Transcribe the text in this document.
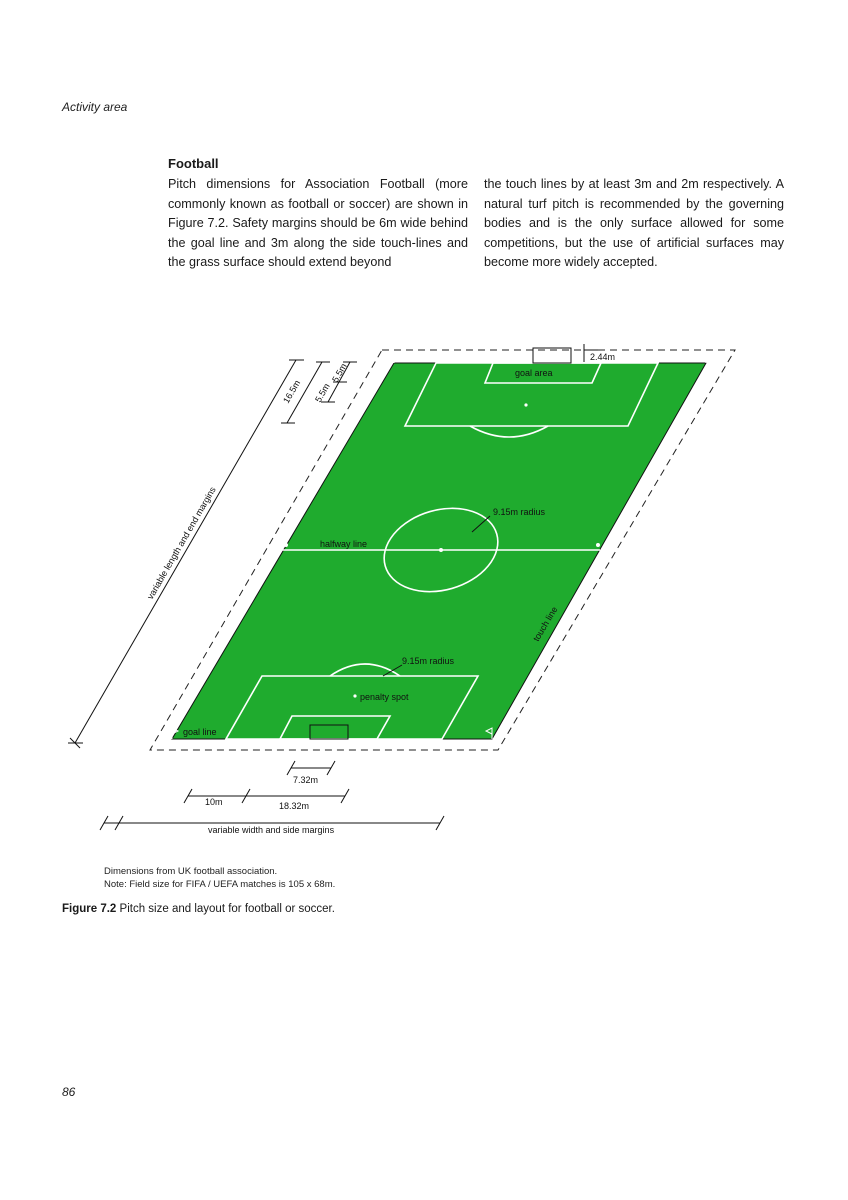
Activity area
Football
Pitch dimensions for Association Football (more commonly known as football or soccer) are shown in Figure 7.2. Safety margins should be 6m wide behind the goal line and 3m along the side touch-lines and the grass surface should extend beyond
the touch lines by at least 3m and 2m respectively. A natural turf pitch is recommended by the governing bodies and is the only surface allowed for some competitions, but the use of artificial surfaces may become more widely accepted.
goal area
2.44m
9.15m radius
halfway line
9.15m radius
penalty spot
goal line
touch line
16.5m 5.5m
5.5m
variable length and end margins
7.32m
10m	18.32m
variable width and side margins
Dimensions from UK football association.
Note: Field size for FIFA / UEFA matches is 105 x 68m.
Figure 7.2 Pitch size and layout for football or soccer.
86
